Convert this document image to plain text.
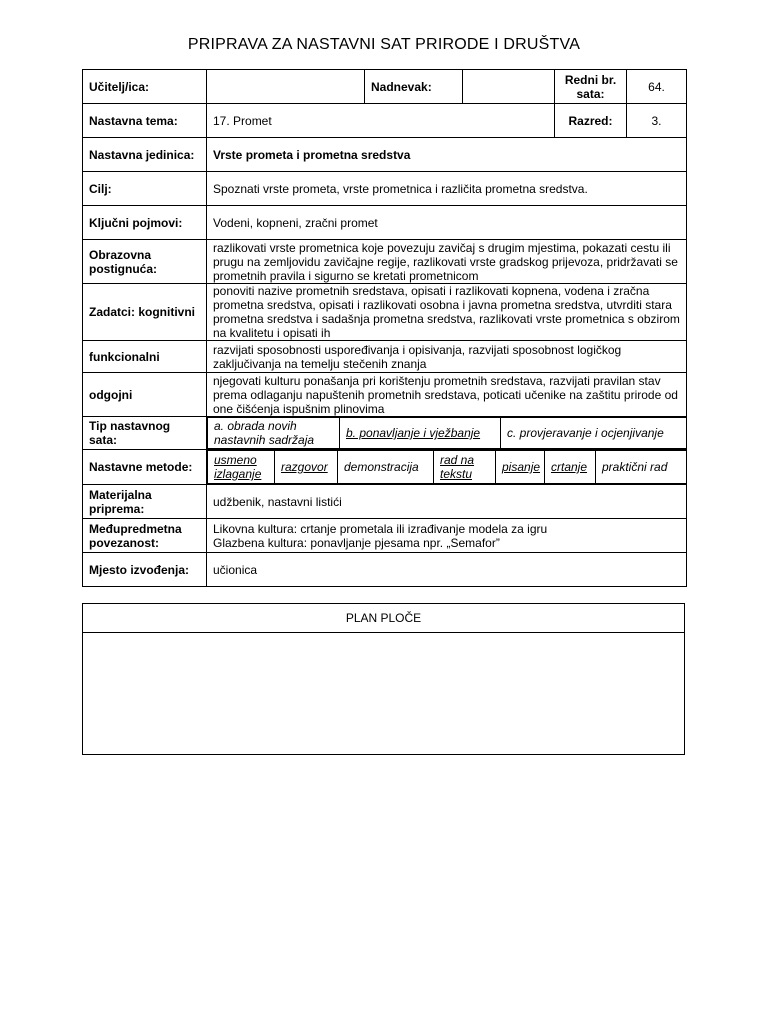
PRIPRAVA ZA NASTAVNI SAT PRIRODE I DRUŠTVA
Učitelj/ica:		Nadnevak:		Redni br. sata:	64.
Nastavna tema:	17. Promet	Razred:	3.
Nastavna jedinica:	Vrste prometa i prometna sredstva
Cilj:	Spoznati vrste prometa, vrste prometnica i različita prometna sredstva.
Ključni pojmovi:	Vodeni, kopneni, zračni promet
Obrazovna postignuća:	razlikovati vrste prometnica koje povezuju zavičaj s drugim mjestima, pokazati cestu ili prugu na zemljovidu zavičajne regije, razlikovati vrste gradskog prijevoza, pridržavati se prometnih pravila i sigurno se kretati prometnicom
Zadatci: kognitivni	ponoviti nazive prometnih sredstava, opisati i razlikovati kopnena, vodena i zračna prometna sredstva, opisati i razlikovati osobna i javna prometna sredstva, utvrditi stara prometna sredstva i sadašnja prometna sredstva, razlikovati vrste prometnica s obzirom na kvalitetu i opisati ih
funkcionalni	razvijati sposobnosti uspoređivanja i opisivanja, razvijati sposobnost logičkog zaključivanja na temelju stečenih znanja
odgojni	njegovati kulturu ponašanja pri korištenju prometnih sredstava, razvijati pravilan stav prema odlaganju napuštenih prometnih sredstava, poticati učenike na zaštitu prirode od one čišćenja ispušnim plinovima
Tip nastavnog sata:	
a. obrada novih nastavnih sadržaja	b. ponavljanje i vježbanje	c. provjeravanje i ocjenjivanje

Nastavne metode:	usmeno izlaganje	razgovor	demonstracija	rad na tekstu	pisanje	crtanje	praktični rad

Materijalna priprema:	udžbenik, nastavni listići
Međupredmetna povezanost:	
Likovna kultura: crtanje prometala ili izrađivanje modela za igru
Glazbena kultura: ponavljanje pjesama npr. „Semafor”

Mjesto izvođenja:	učionica
PLAN PLOČE
